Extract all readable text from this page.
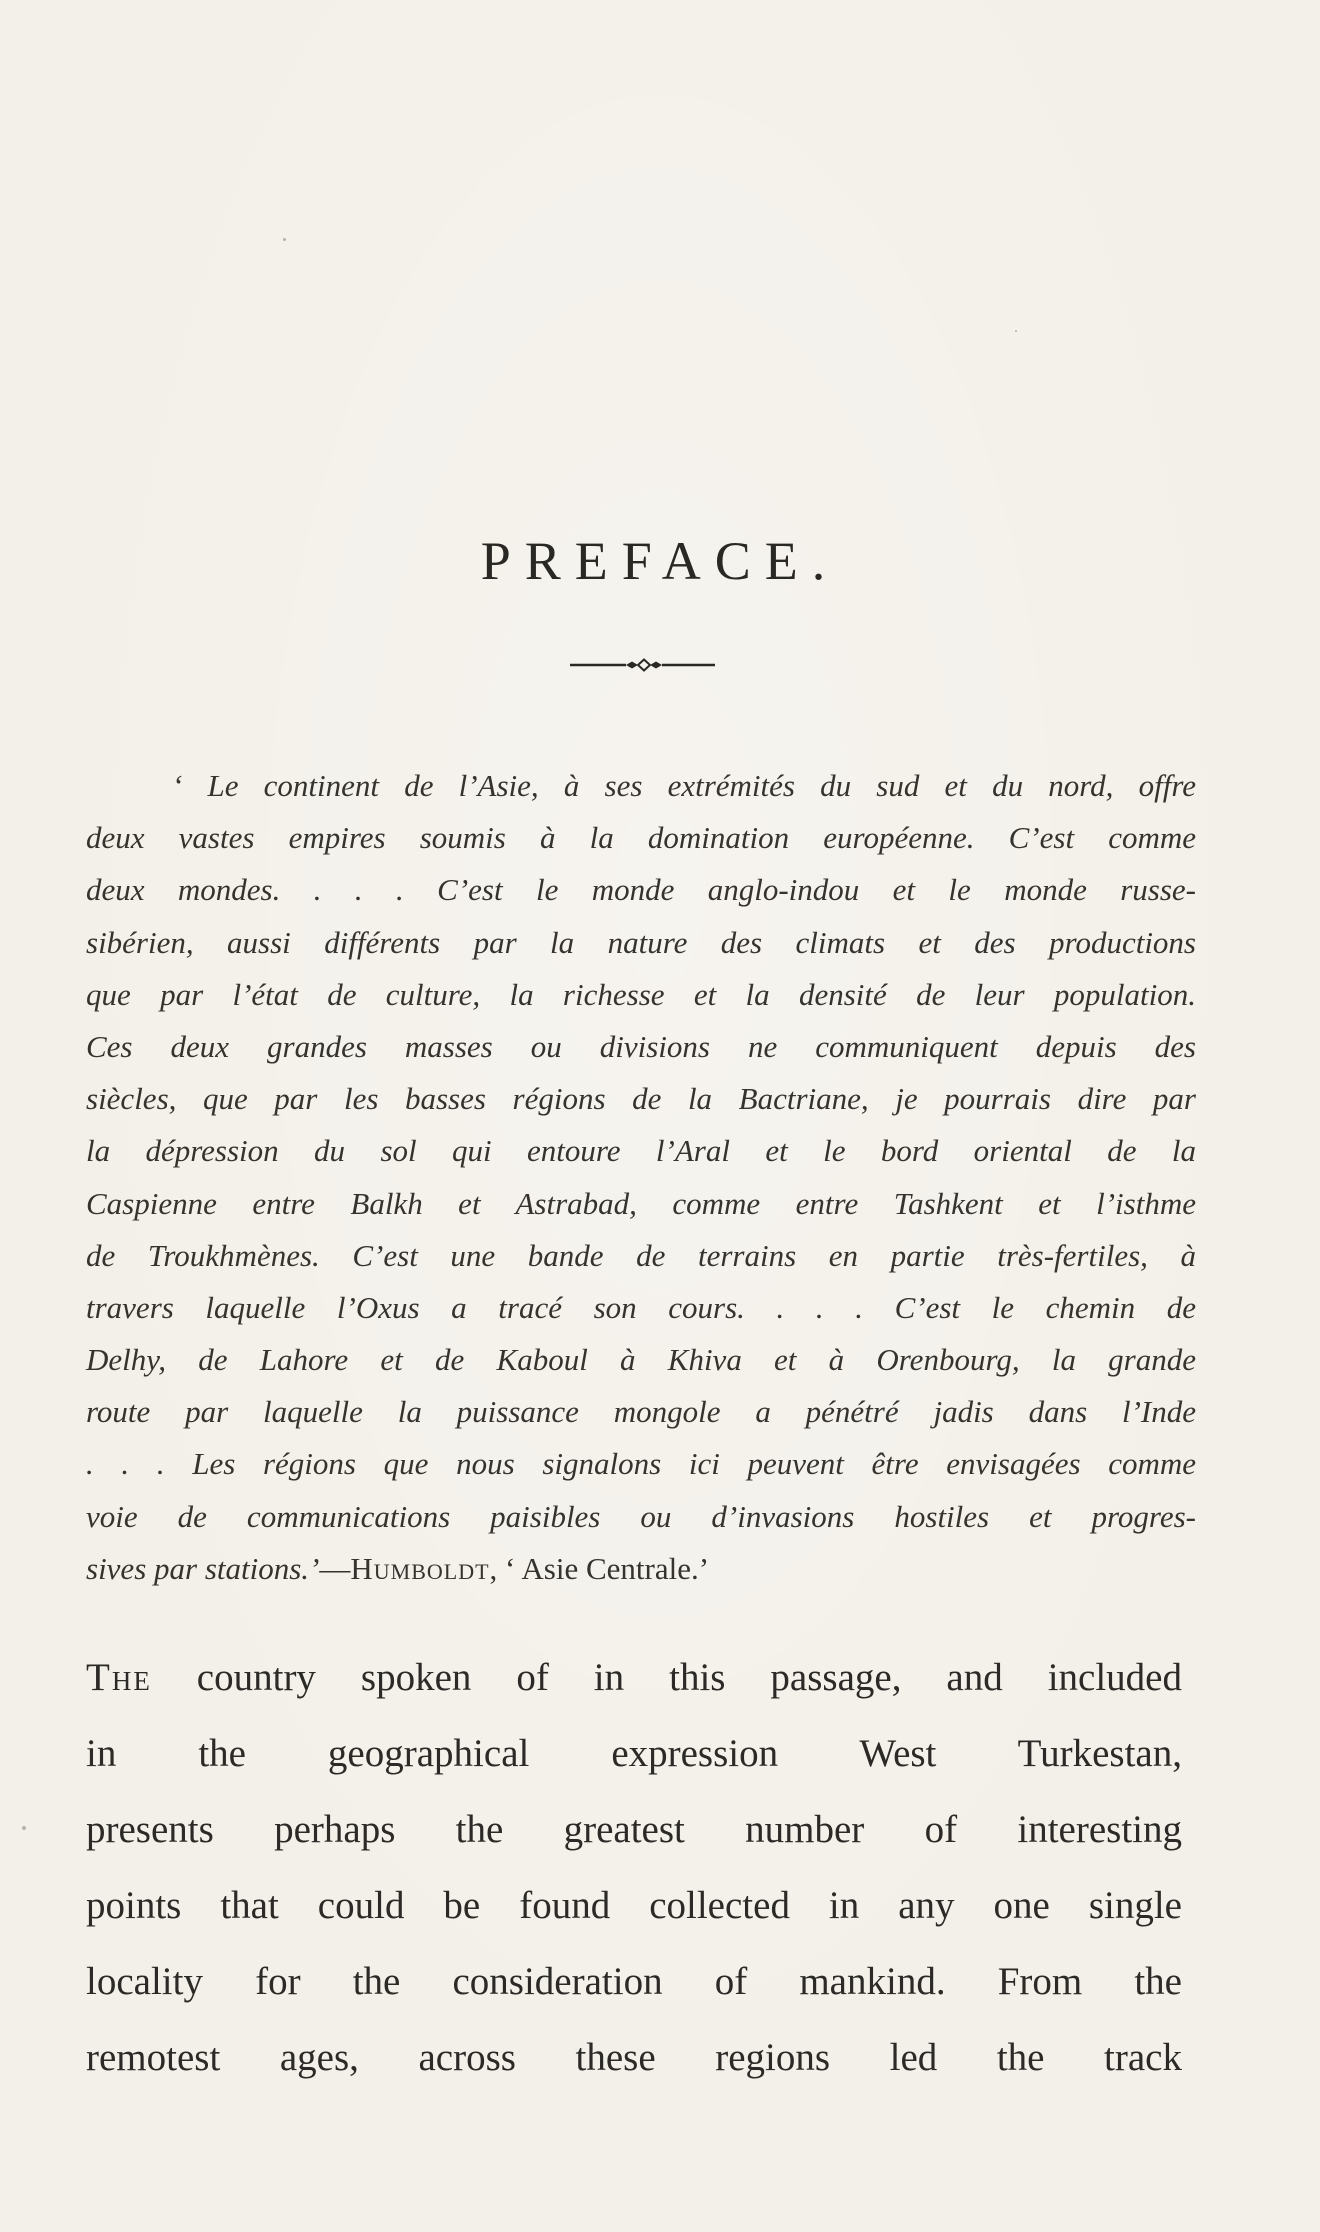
PREFACE.
‘ Le continent de l’Asie, à ses extrémités du sud et du nord, offre
deux vastes empires soumis à la domination européenne. C’est comme
deux mondes. . . . C’est le monde anglo-indou et le monde russe-
sibérien, aussi différents par la nature des climats et des productions
que par l’état de culture, la richesse et la densité de leur population.
Ces deux grandes masses ou divisions ne communiquent depuis des
siècles, que par les basses régions de la Bactriane, je pourrais dire par
la dépression du sol qui entoure l’Aral et le bord oriental de la
Caspienne entre Balkh et Astrabad, comme entre Tashkent et l’isthme
de Troukhmènes. C’est une bande de terrains en partie très-fertiles, à
travers laquelle l’Oxus a tracé son cours. . . . C’est le chemin de
Delhy, de Lahore et de Kaboul à Khiva et à Orenbourg, la grande
route par laquelle la puissance mongole a pénétré jadis dans l’Inde
. . . Les régions que nous signalons ici peuvent être envisagées comme
voie de communications paisibles ou d’invasions hostiles et progres-
sives par stations.’—Humboldt, ‘ Asie Centrale.’
The country spoken of in this passage, and included
in the geographical expression West Turkestan,
presents perhaps the greatest number of interesting
points that could be found collected in any one single
locality for the consideration of mankind. From the
remotest ages, across these regions led the track
